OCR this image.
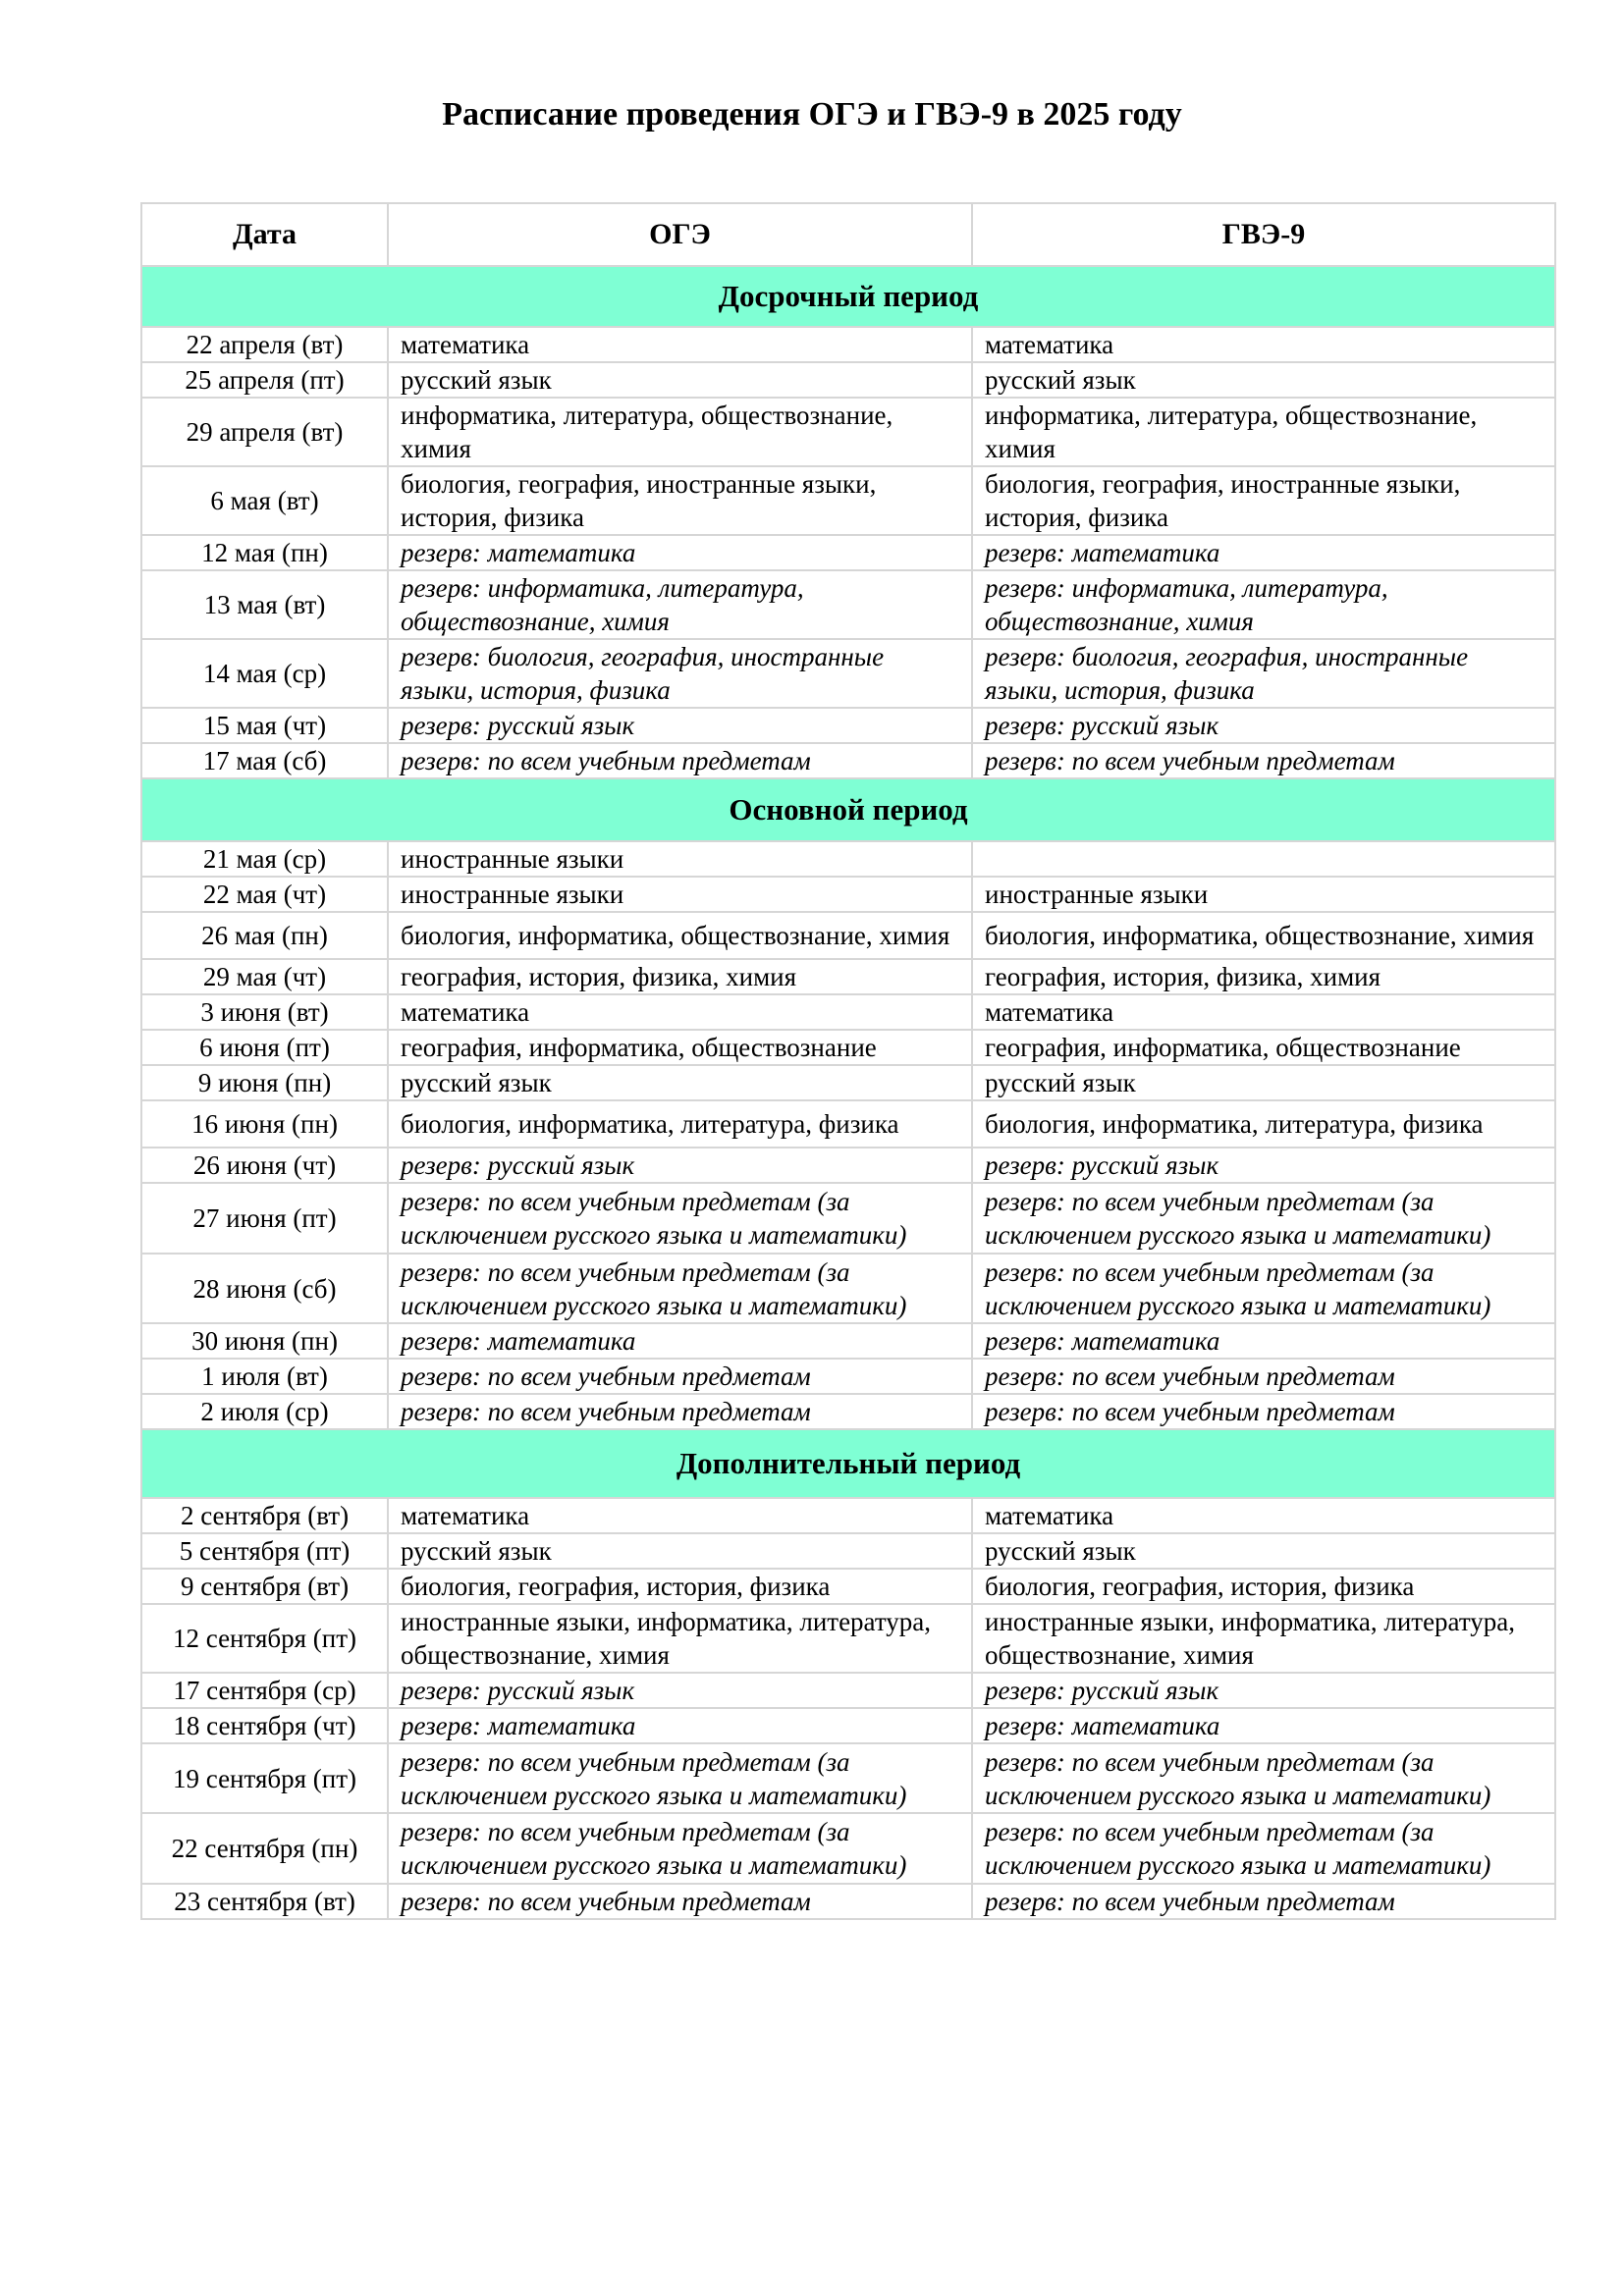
Расписание проведения ОГЭ и ГВЭ-9 в 2025 году
Дата	ОГЭ	ГВЭ-9
Досрочный период		
22 апреля (вт)	математика	математика
25 апреля (пт)	русский язык	русский язык
29 апреля (вт)	информатика, литература, обществознание, химия	информатика, литература, обществознание, химия
6 мая (вт)	биология, география, иностранные языки, история, физика	биология, география, иностранные языки, история, физика
12 мая (пн)	резерв: математика	резерв: математика
13 мая (вт)	резерв: информатика, литература, обществознание, химия	резерв: информатика, литература, обществознание, химия
14 мая (ср)	резерв: биология, география, иностранные языки, история, физика	резерв: биология, география, иностранные языки, история, физика
15 мая (чт)	резерв: русский язык	резерв: русский язык
17 мая (сб)	резерв: по всем учебным предметам	резерв: по всем учебным предметам
Основной период		
21 мая (ср)	иностранные языки	
22 мая (чт)	иностранные языки	иностранные языки
26 мая (пн)	биология, информатика, обществознание, химия	биология, информатика, обществознание, химия
29 мая (чт)	география, история, физика, химия	география, история, физика, химия
3 июня (вт)	математика	математика
6 июня (пт)	география, информатика, обществознание	география, информатика, обществознание
9 июня (пн)	русский язык	русский язык
16 июня (пн)	биология, информатика, литература, физика	биология, информатика, литература, физика
26 июня (чт)	резерв: русский язык	резерв: русский язык
27 июня (пт)	резерв: по всем учебным предметам (за исключением русского языка и математики)	резерв: по всем учебным предметам (за исключением русского языка и математики)
28 июня (сб)	резерв: по всем учебным предметам (за исключением русского языка и математики)	резерв: по всем учебным предметам (за исключением русского языка и математики)
30 июня (пн)	резерв: математика	резерв: математика
1 июля (вт)	резерв: по всем учебным предметам	резерв: по всем учебным предметам
2 июля (ср)	резерв: по всем учебным предметам	резерв: по всем учебным предметам
Дополнительный период		
2 сентября (вт)	математика	математика
5 сентября (пт)	русский язык	русский язык
9 сентября (вт)	биология, география, история, физика	биология, география, история, физика
12 сентября (пт)	иностранные языки, информатика, литература, обществознание, химия	иностранные языки, информатика, литература, обществознание, химия
17 сентября (ср)	резерв: русский язык	резерв: русский язык
18 сентября (чт)	резерв: математика	резерв: математика
19 сентября (пт)	резерв: по всем учебным предметам (за исключением русского языка и математики)	резерв: по всем учебным предметам (за исключением русского языка и математики)
22 сентября (пн)	резерв: по всем учебным предметам (за исключением русского языка и математики)	резерв: по всем учебным предметам (за исключением русского языка и математики)
23 сентября (вт)	резерв: по всем учебным предметам	резерв: по всем учебным предметам
